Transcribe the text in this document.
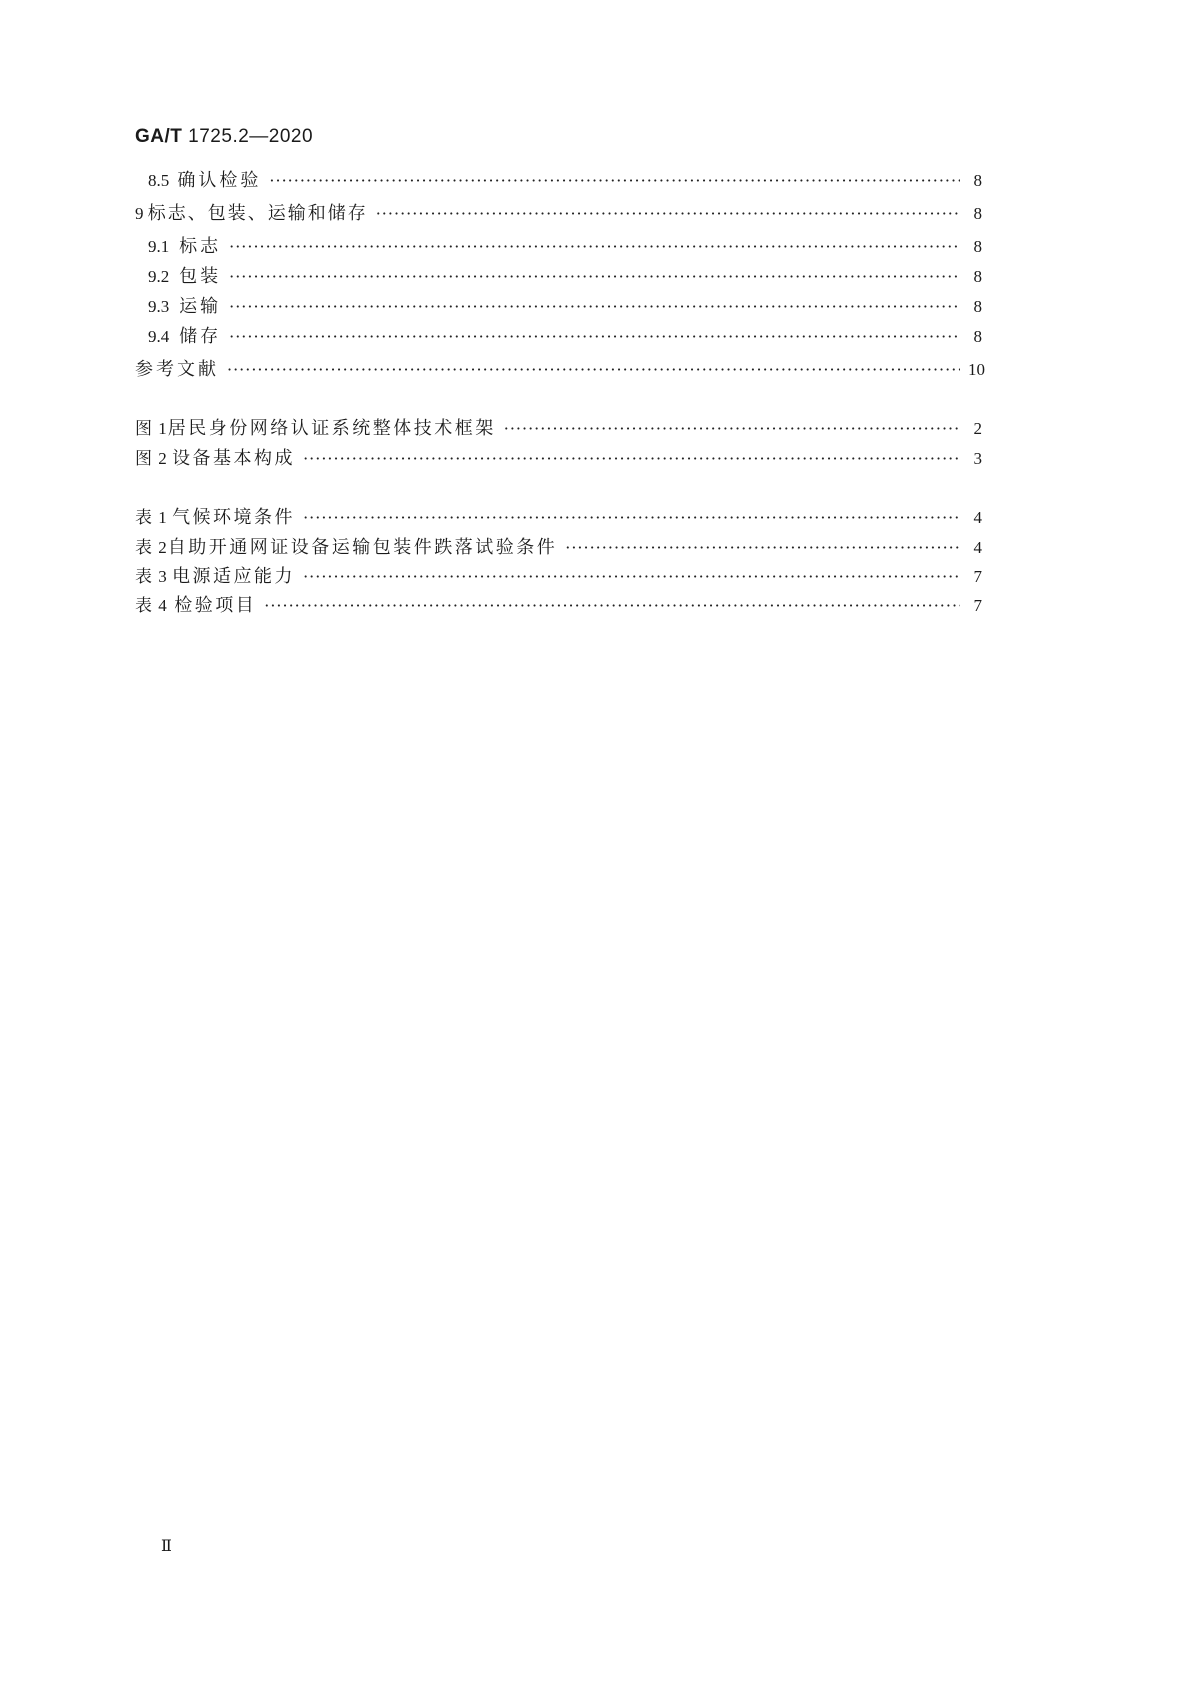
GA/T 1725.2—2020
8.5 确认检验 ·····	8
9 标志、包装、运输和储存 ·····	8
9.1 标志 ·····	8
9.2 包装 ·····	8
9.3 运输 ·····	8
9.4 储存 ·····	8
参考文献 ·····	10
图 1 居民身份网络认证系统整体技术框架 ·····	2
图 2 设备基本构成 ·····	3
表 1 气候环境条件 ·····	4
表 2 自助开通网证设备运输包装件跌落试验条件 ·····	4
表 3 电源适应能力 ·····	7
表 4 检验项目 ·····	7
Ⅱ
